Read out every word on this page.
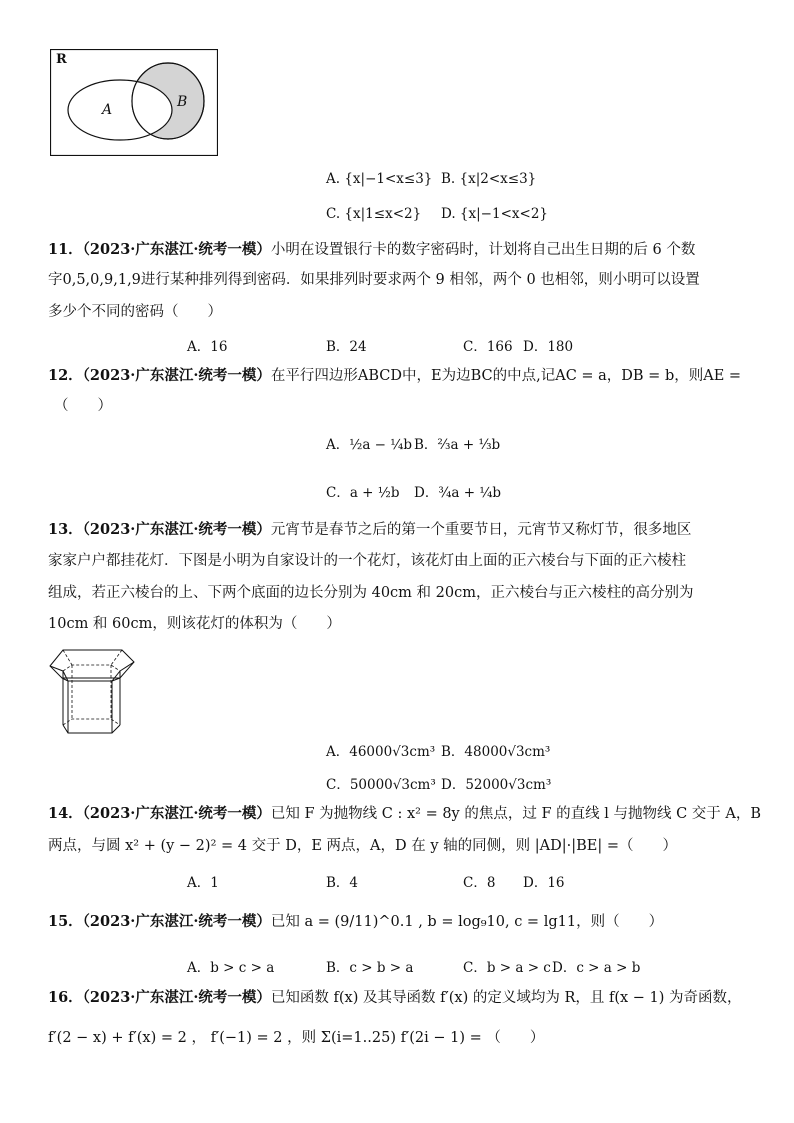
R
A	B
A. {x|−1<x≤3} B. {x|2<x≤3}
C. {x|1≤x<2} D. {x|−1<x<2}
11．（2023·广东湛江·统考一模）小明在设置银行卡的数字密码时，计划将自己出生日期的后 6 个数
字0,5,0,9,1,9进行某种排列得到密码．如果排列时要求两个 9 相邻，两个 0 也相邻，则小明可以设置
多少个不同的密码（　　）
A．16	B．24	C．166 D．180
12．（2023·广东湛江·统考一模）在平行四边形ABCD中，E为边BC的中点,记AC = a，DB = b，则AE =
（　　）
A．½a − ¼b B．⅔a + ⅓b
C．a + ½b D．¾a + ¼b
13．（2023·广东湛江·统考一模）元宵节是春节之后的第一个重要节日，元宵节又称灯节，很多地区
家家户户都挂花灯．下图是小明为自家设计的一个花灯，该花灯由上面的正六棱台与下面的正六棱柱
组成，若正六棱台的上、下两个底面的边长分别为 40cm 和 20cm，正六棱台与正六棱柱的高分别为
10cm 和 60cm，则该花灯的体积为（　　）
A．46000√3cm³ B．48000√3cm³
C．50000√3cm³ D．52000√3cm³
14．（2023·广东湛江·统考一模）已知 F 为抛物线 C : x² = 8y 的焦点，过 F 的直线 l 与抛物线 C 交于 A，B
两点，与圆 x² + (y − 2)² = 4 交于 D，E 两点，A，D 在 y 轴的同侧，则 |AD|·|BE| =（　　）
A．1	B．4	C．8 D．16
15．（2023·广东湛江·统考一模）已知 a = (9/11)^0.1 , b = log₉10, c = lg11，则（　　）
A．b > c > a	B．c > b > a	C．b > a > c D．c > a > b
16．（2023·广东湛江·统考一模）已知函数 f(x) 及其导函数 f′(x) 的定义域均为 R，且 f(x − 1) 为奇函数，
f′(2 − x) + f′(x) = 2 ， f′(−1) = 2 ，则 Σ(i=1..25) f′(2i − 1) = （　　）
